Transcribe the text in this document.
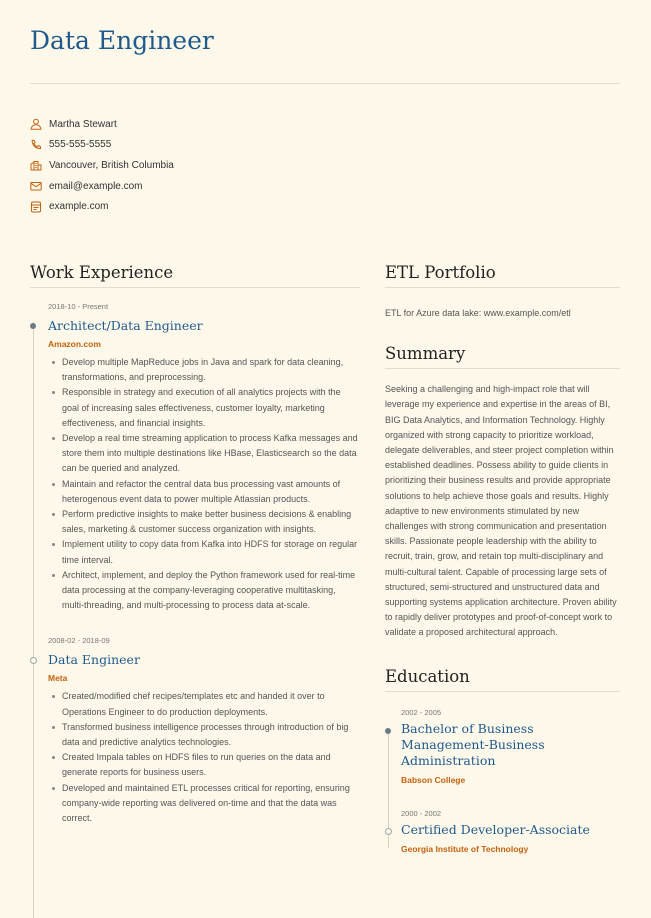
Data Engineer
Martha Stewart
555-555-5555
Vancouver, British Columbia
email@example.com
example.com
Work Experience
2018-10 - Present
Architect/Data Engineer
Amazon.com
Develop multiple MapReduce jobs in Java and spark for data cleaning, transformations, and preprocessing.
Responsible in strategy and execution of all analytics projects with the goal of increasing sales effectiveness, customer loyalty, marketing effectiveness, and financial insights.
Develop a real time streaming application to process Kafka messages and store them into multiple destinations like HBase, Elasticsearch so the data can be queried and analyzed.
Maintain and refactor the central data bus processing vast amounts of heterogenous event data to power multiple Atlassian products.
Perform predictive insights to make better business decisions & enabling sales, marketing & customer success organization with insights.
Implement utility to copy data from Kafka into HDFS for storage on regular time interval.
Architect, implement, and deploy the Python framework used for real-time data processing at the company-leveraging cooperative multitasking, multi-threading, and multi-processing to process data at-scale.
2008-02 - 2018-09
Data Engineer
Meta
Created/modified chef recipes/templates etc and handed it over to Operations Engineer to do production deployments.
Transformed business intelligence processes through introduction of big data and predictive analytics technologies.
Created Impala tables on HDFS files to run queries on the data and generate reports for business users.
Developed and maintained ETL processes critical for reporting, ensuring company-wide reporting was delivered on-time and that the data was correct.
ETL Portfolio

ETL for Azure data lake: www.example.com/etl

Summary

Seeking a challenging and high-impact role that will leverage my experience and expertise in the areas of BI, BIG Data Analytics, and Information Technology. Highly organized with strong capacity to prioritize workload, delegate deliverables, and steer project completion within established deadlines. Possess ability to guide clients in prioritizing their business results and provide appropriate solutions to help achieve those goals and results. Highly adaptive to new environments stimulated by new challenges with strong communication and presentation skills. Passionate people leadership with the ability to recruit, train, grow, and retain top multi-disciplinary and multi-cultural talent. Capable of processing large sets of structured, semi-structured and unstructured data and supporting systems application architecture. Proven ability to rapidly deliver prototypes and proof-of-concept work to validate a proposed architectural approach.

Education
2002 - 2005
Bachelor of Business Management-Business Administration
Babson College
2000 - 2002
Certified Developer-Associate
Georgia Institute of Technology
